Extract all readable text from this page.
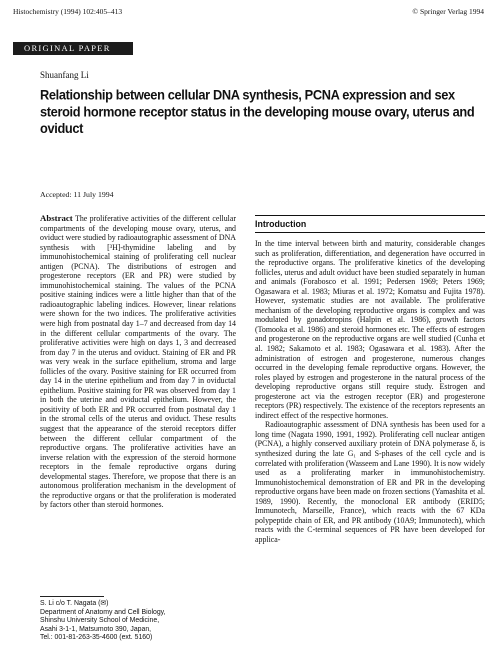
Histochemistry (1994) 102:405–413	© Springer Verlag 1994
ORIGINAL PAPER
Shuanfang Li
Relationship between cellular DNA synthesis, PCNA expression and sex steroid hormone receptor status in the developing mouse ovary, uterus and oviduct
Accepted: 11 July 1994
Abstract The proliferative activities of the different cellular compartments of the developing mouse ovary, uterus, and oviduct were studied by radioautographic assessment of DNA synthesis with [³H]-thymidine labeling and by immunohistochemical staining of proliferating cell nuclear antigen (PCNA). The distributions of estrogen and progesterone receptors (ER and PR) were studied by immunohistochemical staining. The values of the PCNA positive staining indices were a little higher than that of the radioautographic labeling indices. However, linear relations were shown for the two indices. The proliferative activities were high from postnatal day 1–7 and decreased from day 14 in the different cellular compartments of the ovary. The proliferative activities were high on days 1, 3 and decreased from day 7 in the uterus and oviduct. Staining of ER and PR was very weak in the surface epithelium, stroma and large follicles of the ovary. Positive staining for ER occurred from day 14 in the uterine epithelium and from day 7 in oviductal epithelium. Positive staining for PR was observed from day 1 in both the uterine and oviductal epithelium. However, the positivity of both ER and PR occurred from postnatal day 1 in the stromal cells of the uterus and oviduct. These results suggest that the appearance of the steroid receptors differ between the different cellular compartment of the reproductive organs. The proliferative activities have an inverse relation with the expression of the steroid hormone receptors in the female reproductive organs during developmental stages. Therefore, we propose that there is an autonomous proliferation mechanism in the development of the reproductive organs or that the proliferation is moderated by factors other than steroid hormones.
S. Li c/o T. Nagata (✉)
Department of Anatomy and Cell Biology,
Shinshu University School of Medicine,
Asahi 3-1-1, Matsumoto 390, Japan,
Tel.: 001-81-263-35-4600 (ext. 5160)
Introduction

In the time interval between birth and maturity, considerable changes such as proliferation, differentiation, and degeneration have occurred in the reproductive organs. The proliferative kinetics of the developing follicles, uterus and adult oviduct have been studied separately in human and animals (Forabosco et al. 1991; Pedersen 1969; Peters 1969; Ogasawara et al. 1983; Miuras et al. 1972; Komatsu and Fujita 1978). However, systematic studies are not available. The proliferative mechanism of the developing reproductive organs is complex and was modulated by gonadotropins (Halpin et al. 1986), growth factors (Tomooka et al. 1986) and steroid hormones etc. The effects of estrogen and progesterone on the reproductive organs are well studied (Cunha et al. 1982; Sakamoto et al. 1983; Ogasawara et al. 1983). After the administration of estrogen and progesterone, numerous changes occurred in the developing female reproductive organs. However, the roles played by estrogen and progesterone in the natural process of the developing reproductive organs still require study. Estrogen and progesterone act via the estrogen receptor (ER) and progesterone receptors (PR) respectively. The existence of the receptors represents an indirect effect of the respective hormones.

Radioautographic assessment of DNA synthesis has been used for a long time (Nagata 1990, 1991, 1992). Proliferating cell nuclear antigen (PCNA), a highly conserved auxiliary protein of DNA polymerase δ, is synthesized during the late G₁ and S-phases of the cell cycle and is correlated with proliferation (Wasseem and Lane 1990). It is now widely used as a proliferating marker in immunohistochemistry. Immunohistochemical demonstration of ER and PR in the developing reproductive organs have been made on frozen sections (Yamashita et al. 1989, 1990). Recently, the monoclonal ER antibody (ERID5; Immunotech, Marseille, France), which reacts with the 67 KDa polypeptide chain of ER, and PR antibody (10A9; Immunotech), which reacts with the C-terminal sequences of PR have been developed for applica-
